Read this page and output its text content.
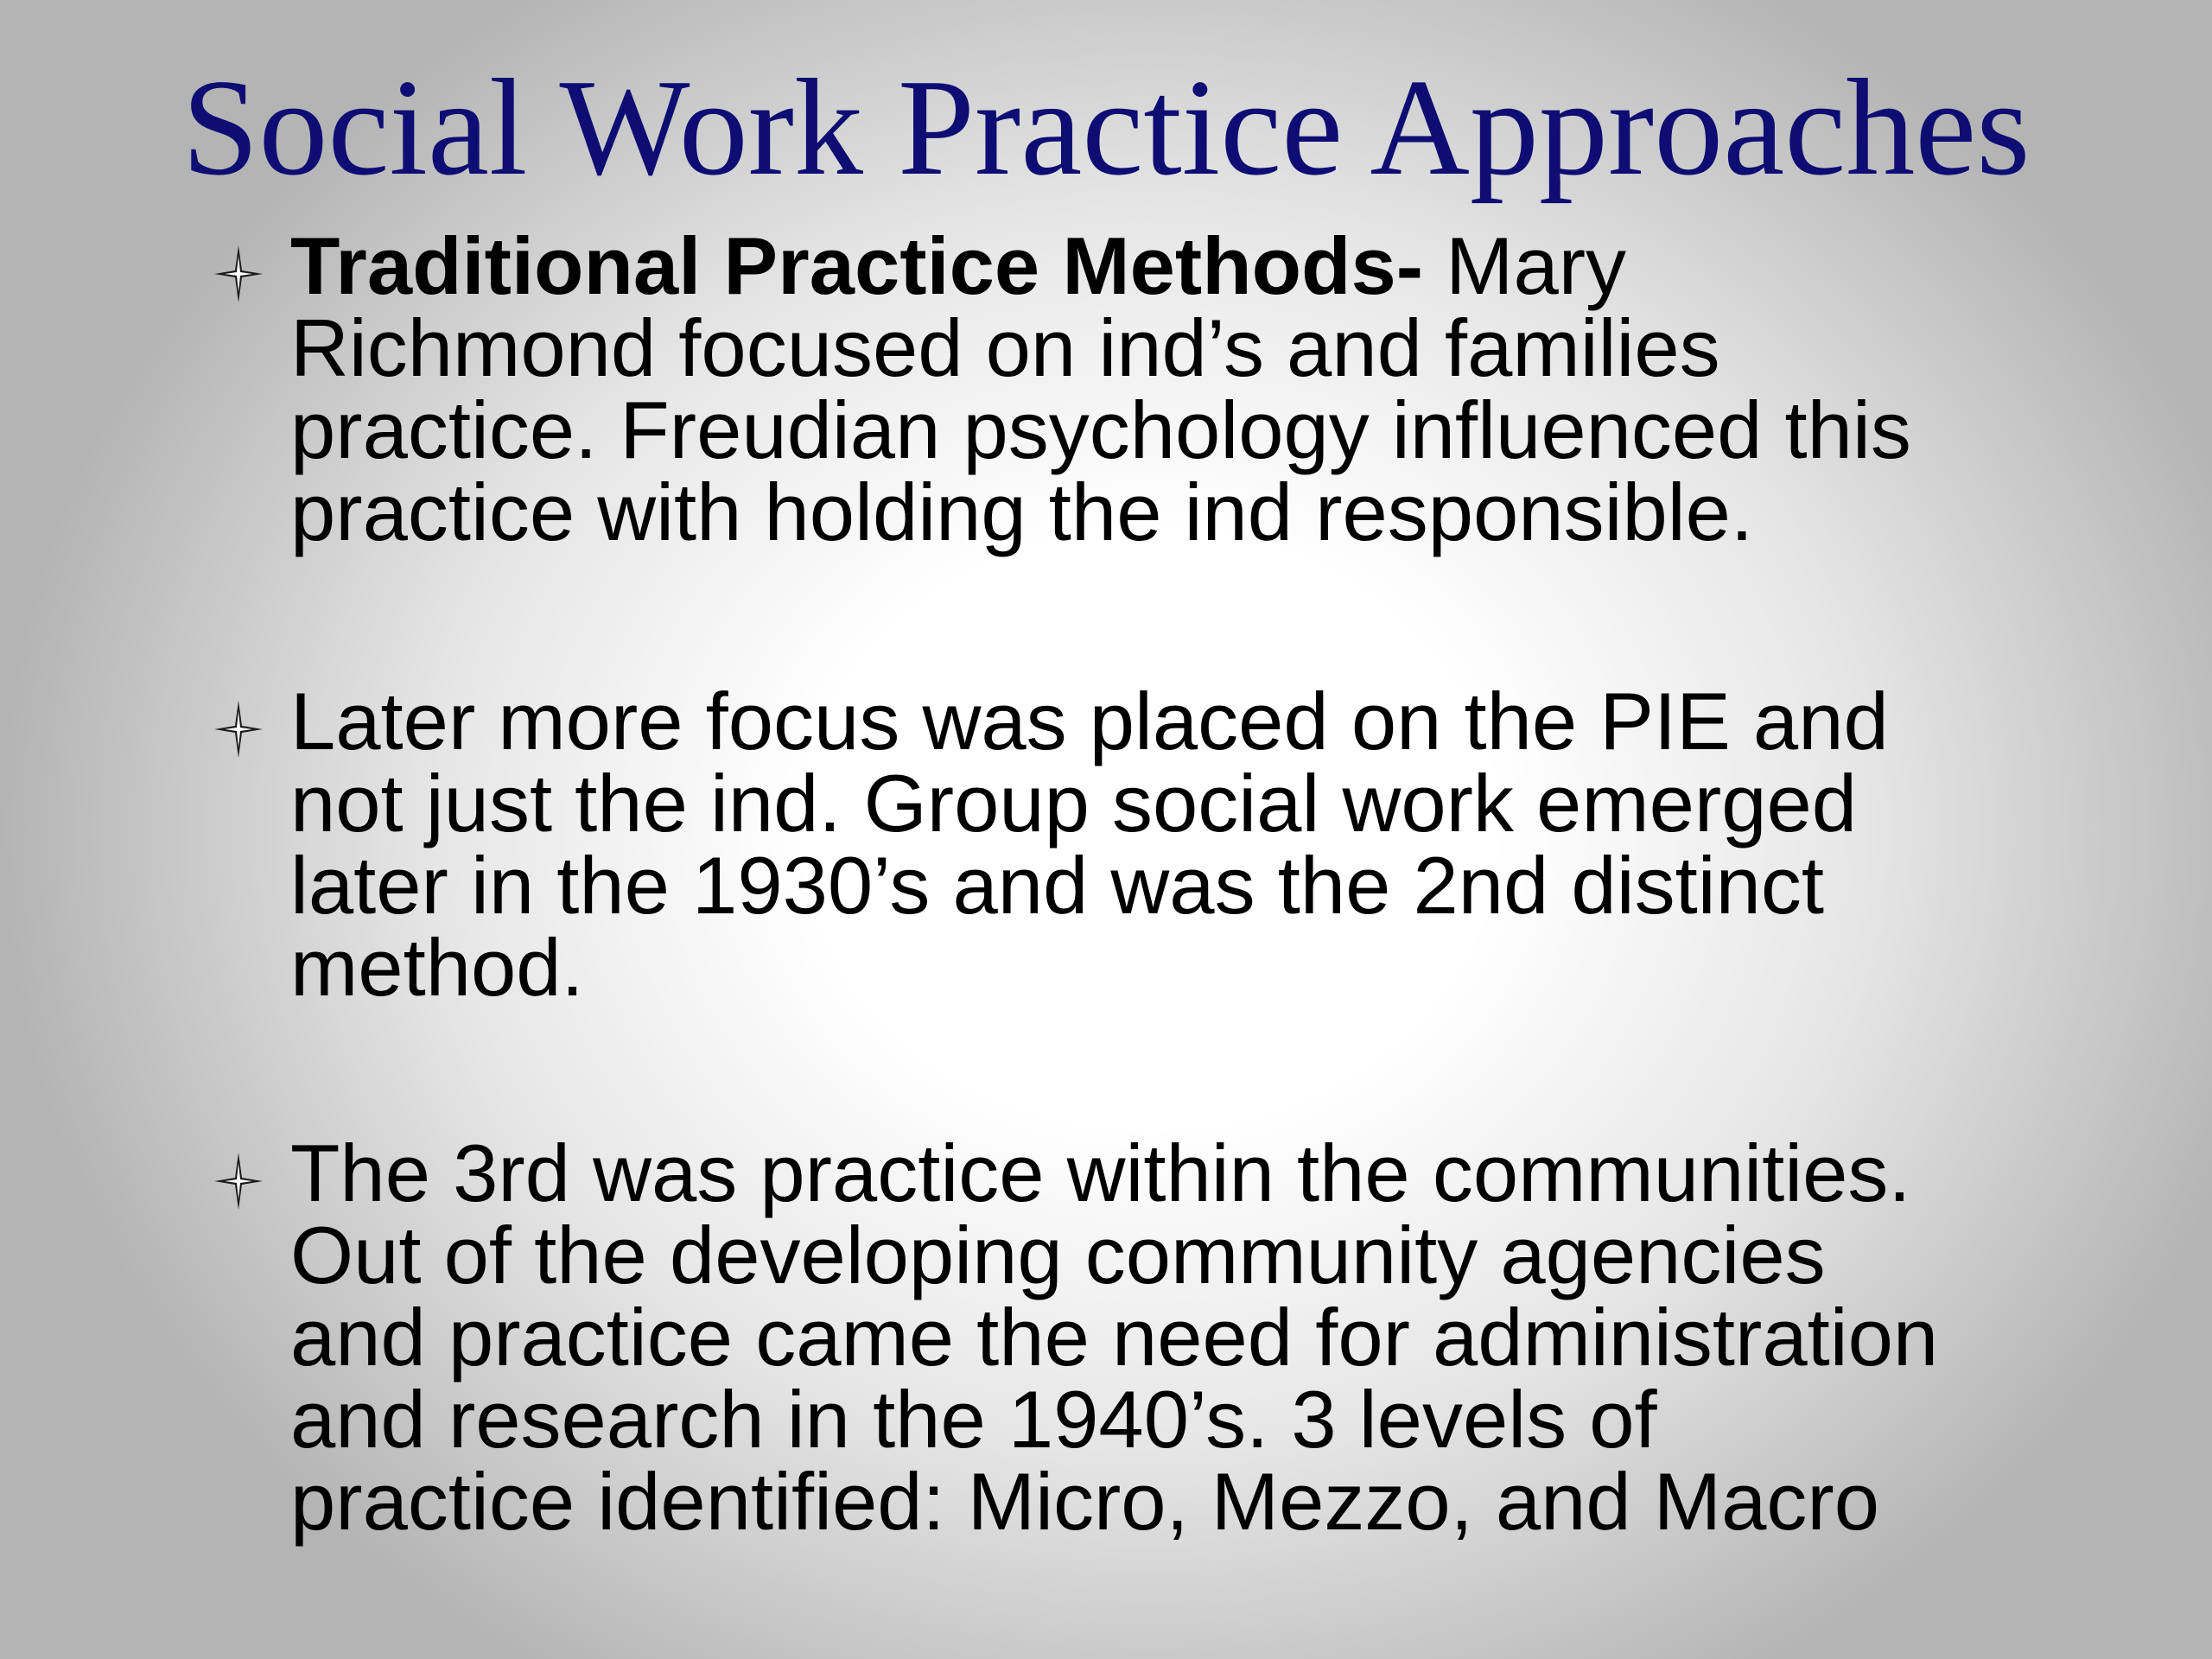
Social Work Practice Approaches
Traditional Practice Methods- Mary
Richmond focused on ind’s and families
practice. Freudian psychology influenced this
practice with holding the ind responsible.
Later more focus was placed on the PIE and
not just the ind. Group social work emerged
later in the 1930’s and was the 2nd distinct
method.
The 3rd was practice within the communities.
Out of the developing community agencies
and practice came the need for administration
and research in the 1940’s. 3 levels of
practice identified: Micro, Mezzo, and Macro
